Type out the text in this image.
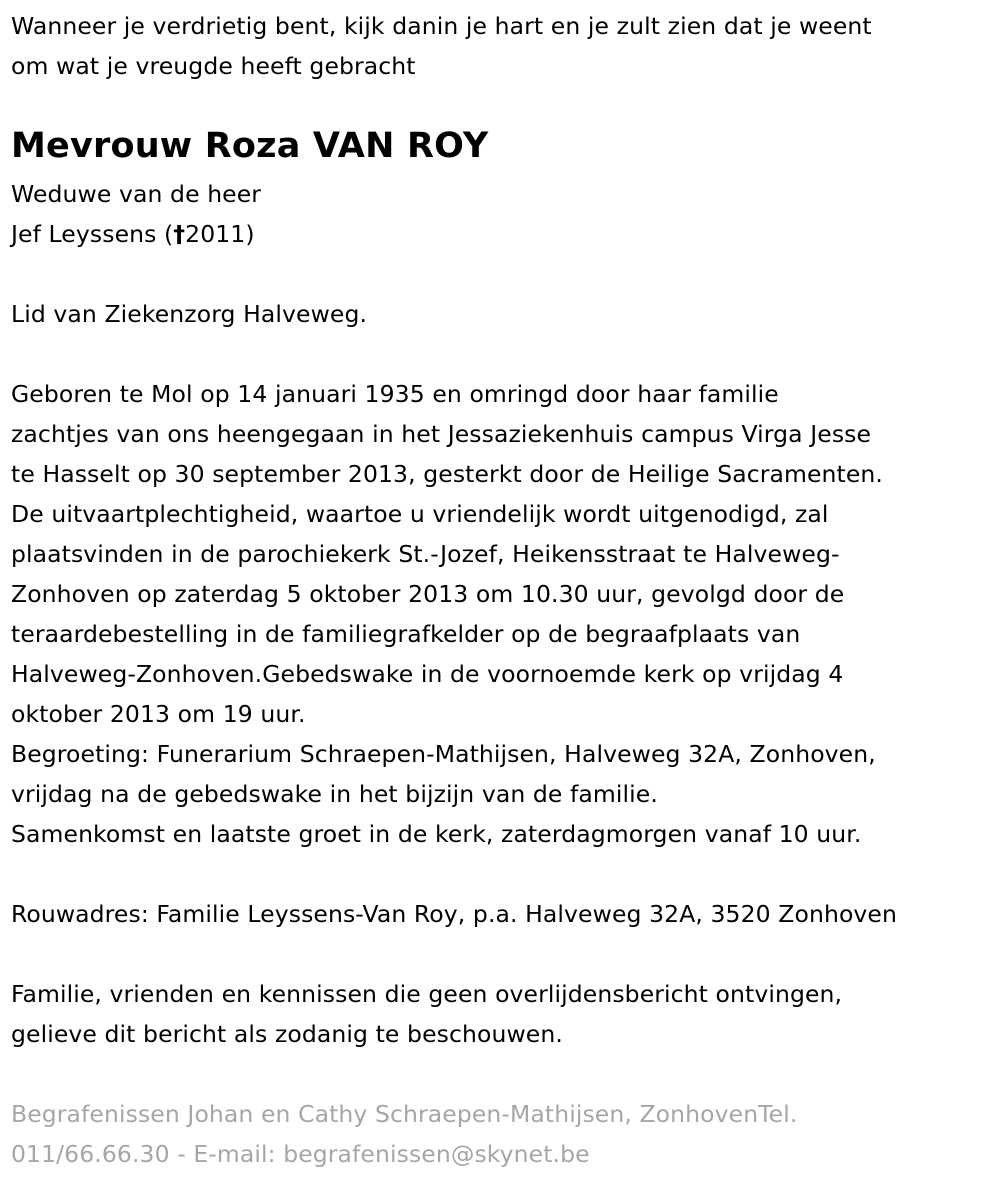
Wanneer je verdrietig bent, kijk danin je hart en je zult zien dat je weent
om wat je vreugde heeft gebracht
Mevrouw Roza VAN ROY
Weduwe van de heer
Jef Leyssens (†2011)
Lid van Ziekenzorg Halveweg.
Geboren te Mol op 14 januari 1935 en omringd door haar familie
zachtjes van ons heengegaan in het Jessaziekenhuis campus Virga Jesse
te Hasselt op 30 september 2013, gesterkt door de Heilige Sacramenten.
De uitvaartplechtigheid, waartoe u vriendelijk wordt uitgenodigd, zal
plaatsvinden in de parochiekerk St.-Jozef, Heikensstraat te Halveweg-
Zonhoven op zaterdag 5 oktober 2013 om 10.30 uur, gevolgd door de
teraardebestelling in de familiegrafkelder op de begraafplaats van
Halveweg-Zonhoven.Gebedswake in de voornoemde kerk op vrijdag 4
oktober 2013 om 19 uur.
Begroeting: Funerarium Schraepen-Mathijsen, Halveweg 32A, Zonhoven,
vrijdag na de gebedswake in het bijzijn van de familie.
Samenkomst en laatste groet in de kerk, zaterdagmorgen vanaf 10 uur.
Rouwadres: Familie Leyssens-Van Roy, p.a. Halveweg 32A, 3520 Zonhoven
Familie, vrienden en kennissen die geen overlijdensbericht ontvingen,
gelieve dit bericht als zodanig te beschouwen.
Begrafenissen Johan en Cathy Schraepen-Mathijsen, ZonhovenTel.
011/66.66.30 - E-mail: begrafenissen@skynet.be
